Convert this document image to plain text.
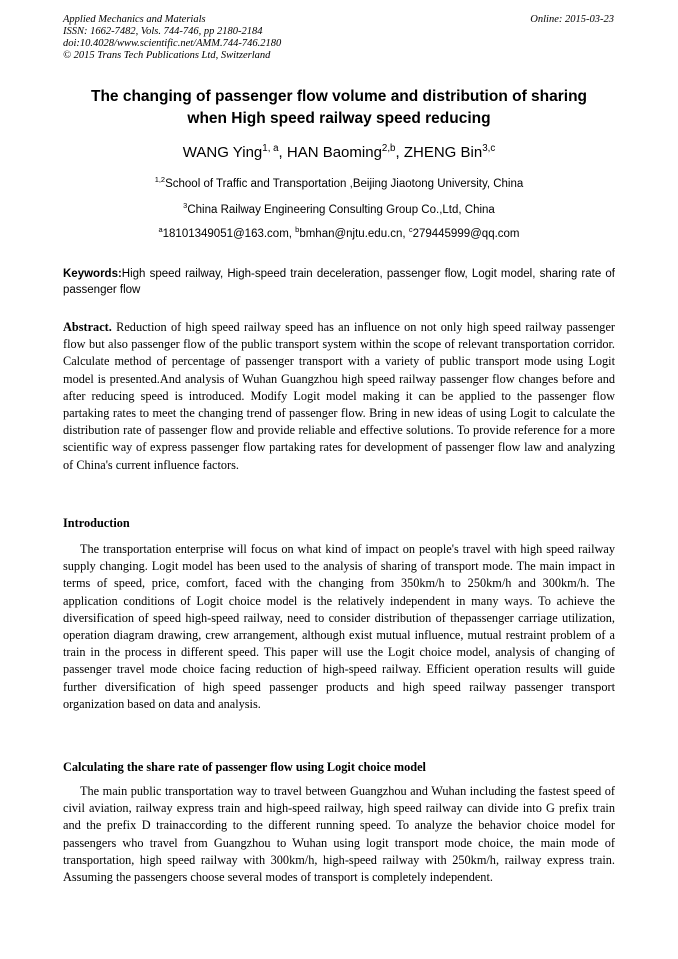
Applied Mechanics and Materials
ISSN: 1662-7482, Vols. 744-746, pp 2180-2184
doi:10.4028/www.scientific.net/AMM.744-746.2180
© 2015 Trans Tech Publications Ltd, Switzerland
Online: 2015-03-23
The changing of passenger flow volume and distribution of sharing
when High speed railway speed reducing
WANG Ying$^{1, a}$, HAN Baoming$^{2,b}$, ZHENG Bin$^{3,c}$
$^{1,2}$School of Traffic and Transportation ,Beijing Jiaotong University, China
$^3$China Railway Engineering Consulting Group Co.,Ltd, China
$^a$18101349051@163.com, $^b$bmhan@njtu.edu.cn, $^c$279445999@qq.com
Keywords:High speed railway, High-speed train deceleration, passenger flow, Logit model, sharing rate of passenger flow
Abstract. Reduction of high speed railway speed has an influence on not only high speed railway passenger flow but also passenger flow of the public transport system within the scope of relevant transportation corridor. Calculate method of percentage of passenger transport with a variety of public transport mode using Logit model is presented.And analysis of Wuhan Guangzhou high speed railway passenger flow changes before and after reducing speed is introduced. Modify Logit model making it can be applied to the passenger flow partaking rates to meet the changing trend of passenger flow. Bring in new ideas of using Logit to calculate the distribution rate of passenger flow and provide reliable and effective solutions. To provide reference for a more scientific way of express passenger flow partaking rates for development of passenger flow law and analyzing of China's current influence factors.
Introduction
The transportation enterprise will focus on what kind of impact on people's travel with high speed railway supply changing. Logit model has been used to the analysis of sharing of transport mode. The main impact in terms of speed, price, comfort, faced with the changing from 350km/h to 250km/h and 300km/h. The application conditions of Logit choice model is the relatively independent in many ways. To achieve the diversification of speed high-speed railway, need to consider distribution of thepassenger carriage utilization, operation diagram drawing, crew arrangement, although exist mutual influence, mutual restraint problem of a train in the process in different speed. This paper will use the Logit choice model, analysis of changing of passenger travel mode choice facing reduction of high-speed railway. Efficient operation results will guide further diversification of high speed passenger products and high speed railway passenger transport organization based on data and analysis.
Calculating the share rate of passenger flow using Logit choice model
The main public transportation way to travel between Guangzhou and Wuhan including the fastest speed of civil aviation, railway express train and high-speed railway, high speed railway can divide into G prefix train and the prefix D trainaccording to the different running speed. To analyze the behavior choice model for passengers who travel from Guangzhou to Wuhan using logit transport mode choice, the main mode of transportation, high speed railway with 300km/h, high-speed railway with 250km/h, railway express train. Assuming the passengers choose several modes of transport is completely independent.
